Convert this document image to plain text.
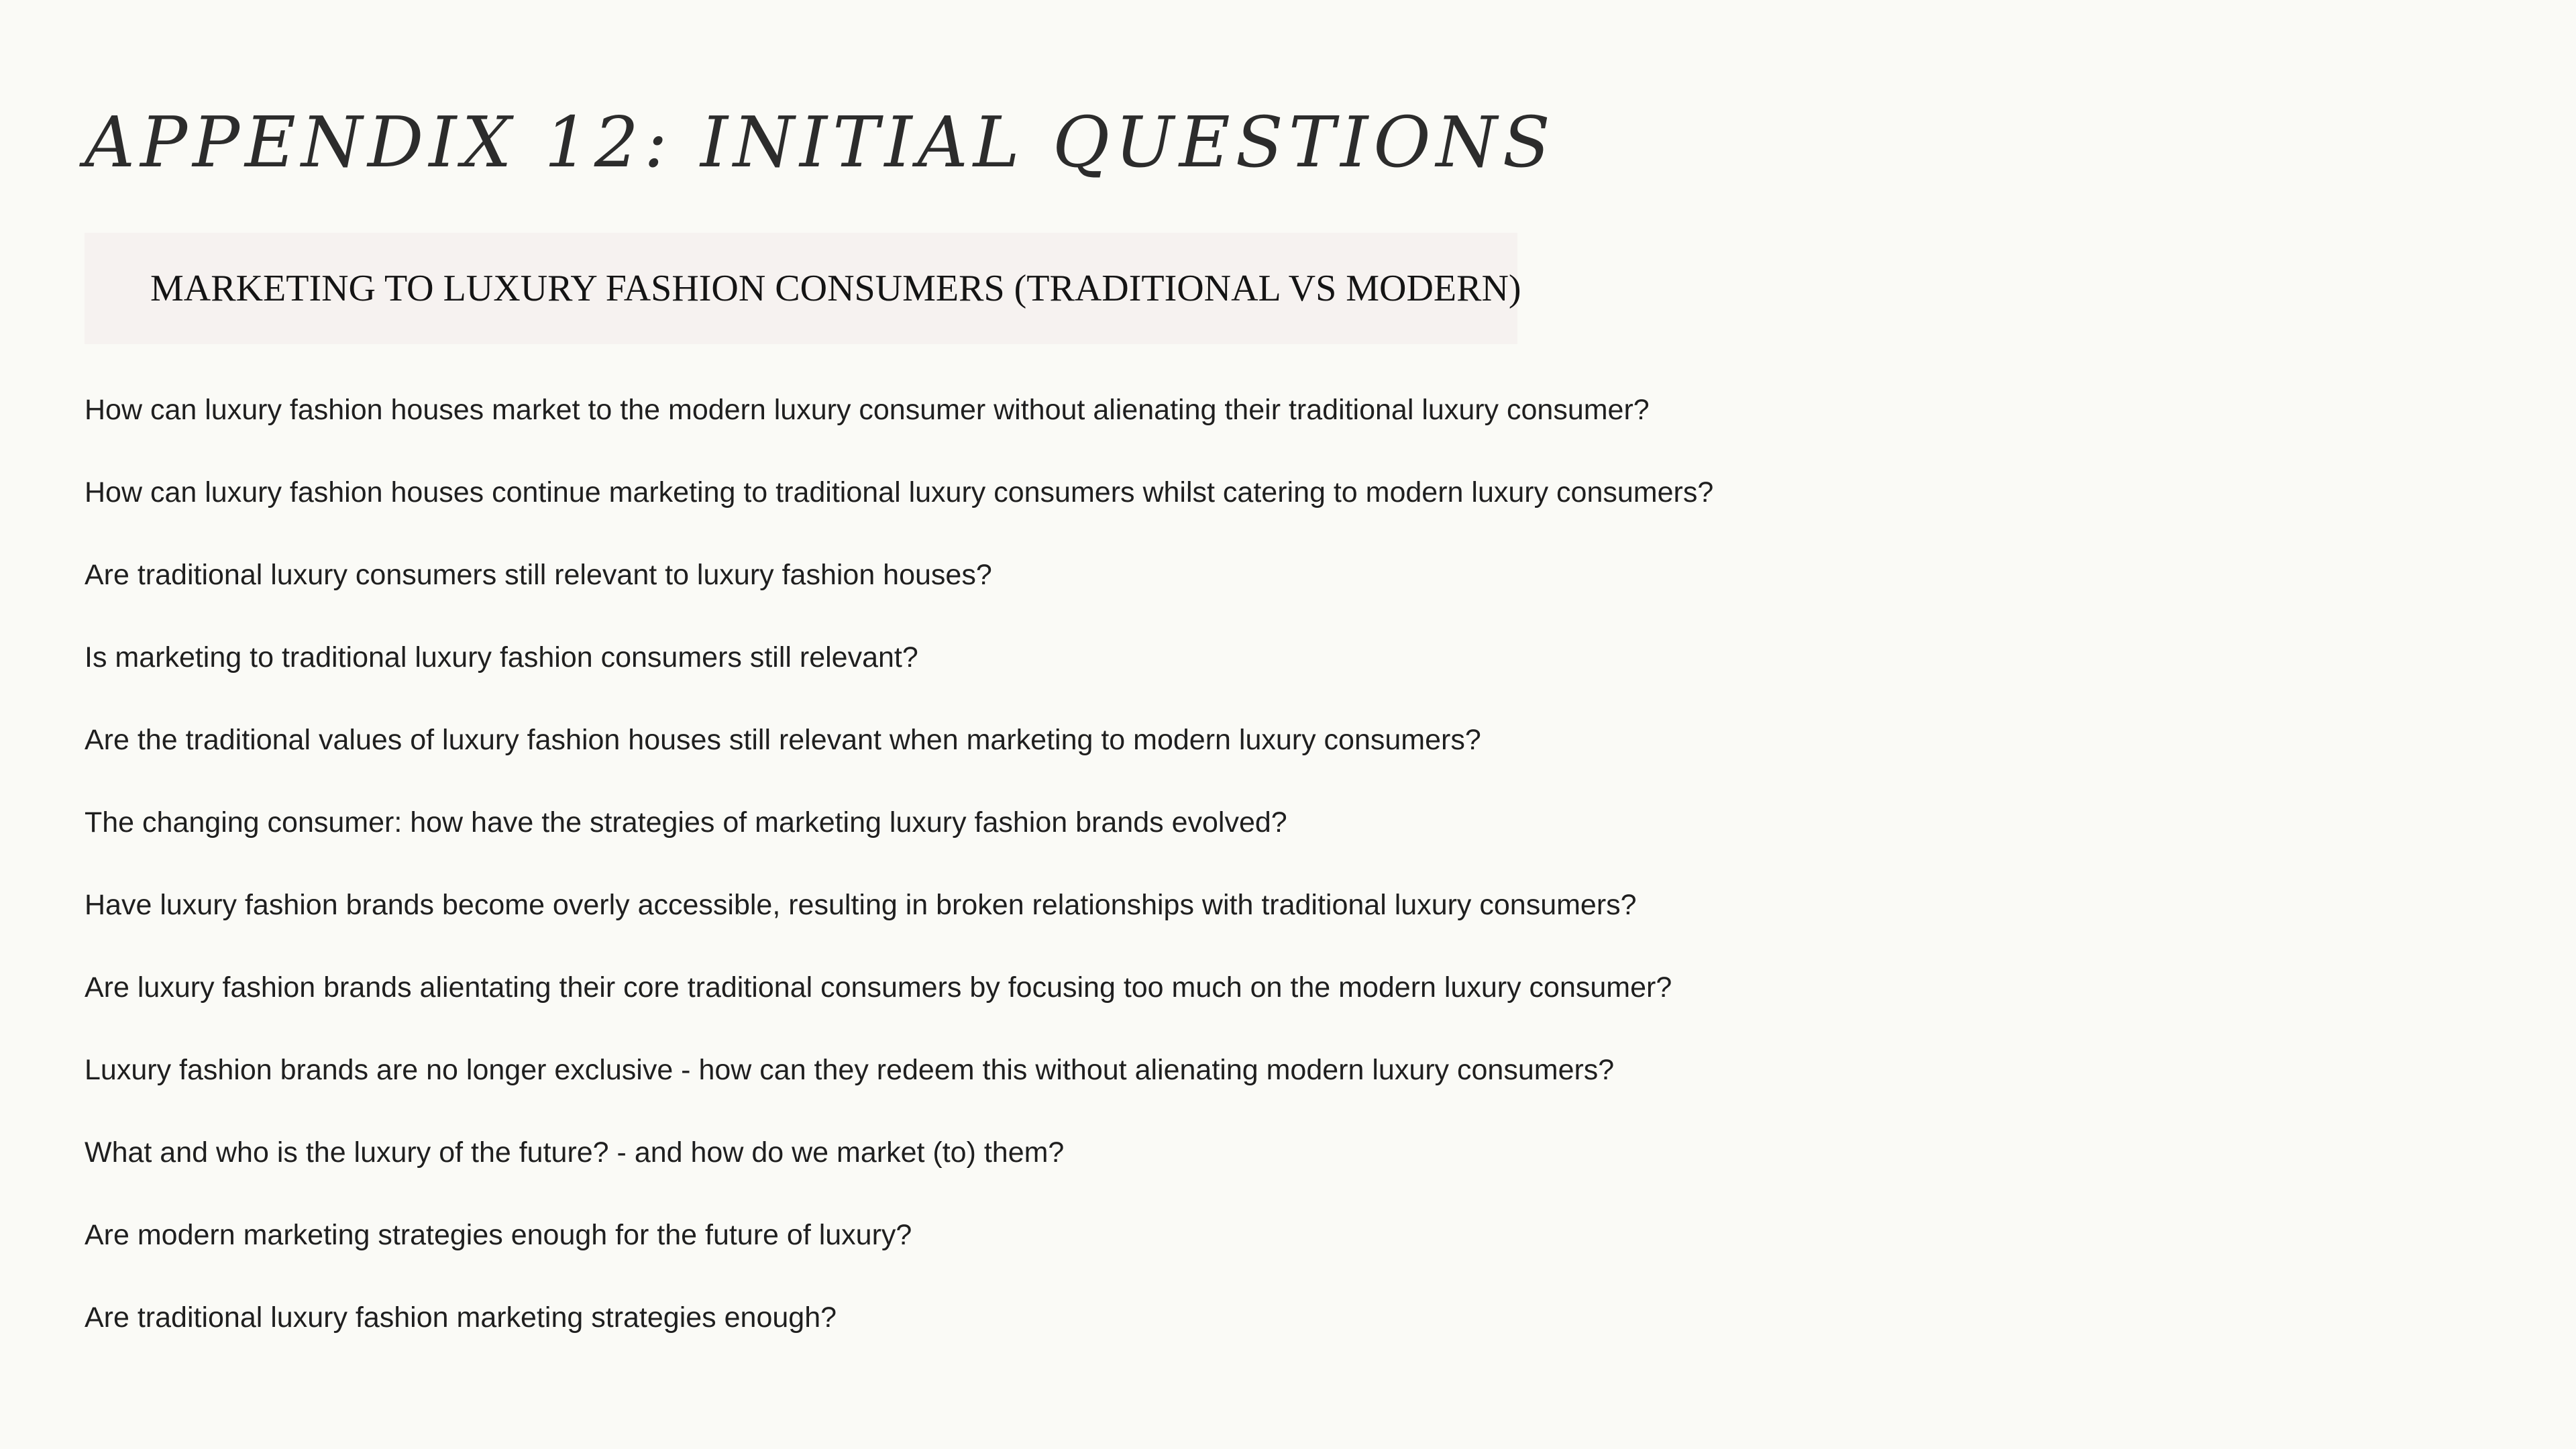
APPENDIX 12: INITIAL QUESTIONS
MARKETING TO LUXURY FASHION CONSUMERS (TRADITIONAL VS MODERN)
How can luxury fashion houses market to the modern luxury consumer without alienating their traditional luxury consumer?
How can luxury fashion houses continue marketing to traditional luxury consumers whilst catering to modern luxury consumers?
Are traditional luxury consumers still relevant to luxury fashion houses?
Is marketing to traditional luxury fashion consumers still relevant?
Are the traditional values of luxury fashion houses still relevant when marketing to modern luxury consumers?
The changing consumer: how have the strategies of marketing luxury fashion brands evolved?
Have luxury fashion brands become overly accessible, resulting in broken relationships with traditional luxury consumers?
Are luxury fashion brands alientating their core traditional consumers by focusing too much on the modern luxury consumer?
Luxury fashion brands are no longer exclusive - how can they redeem this without alienating modern luxury consumers?
What and who is the luxury of the future? - and how do we market (to) them?
Are modern marketing strategies enough for the future of luxury?
Are traditional luxury fashion marketing strategies enough?
